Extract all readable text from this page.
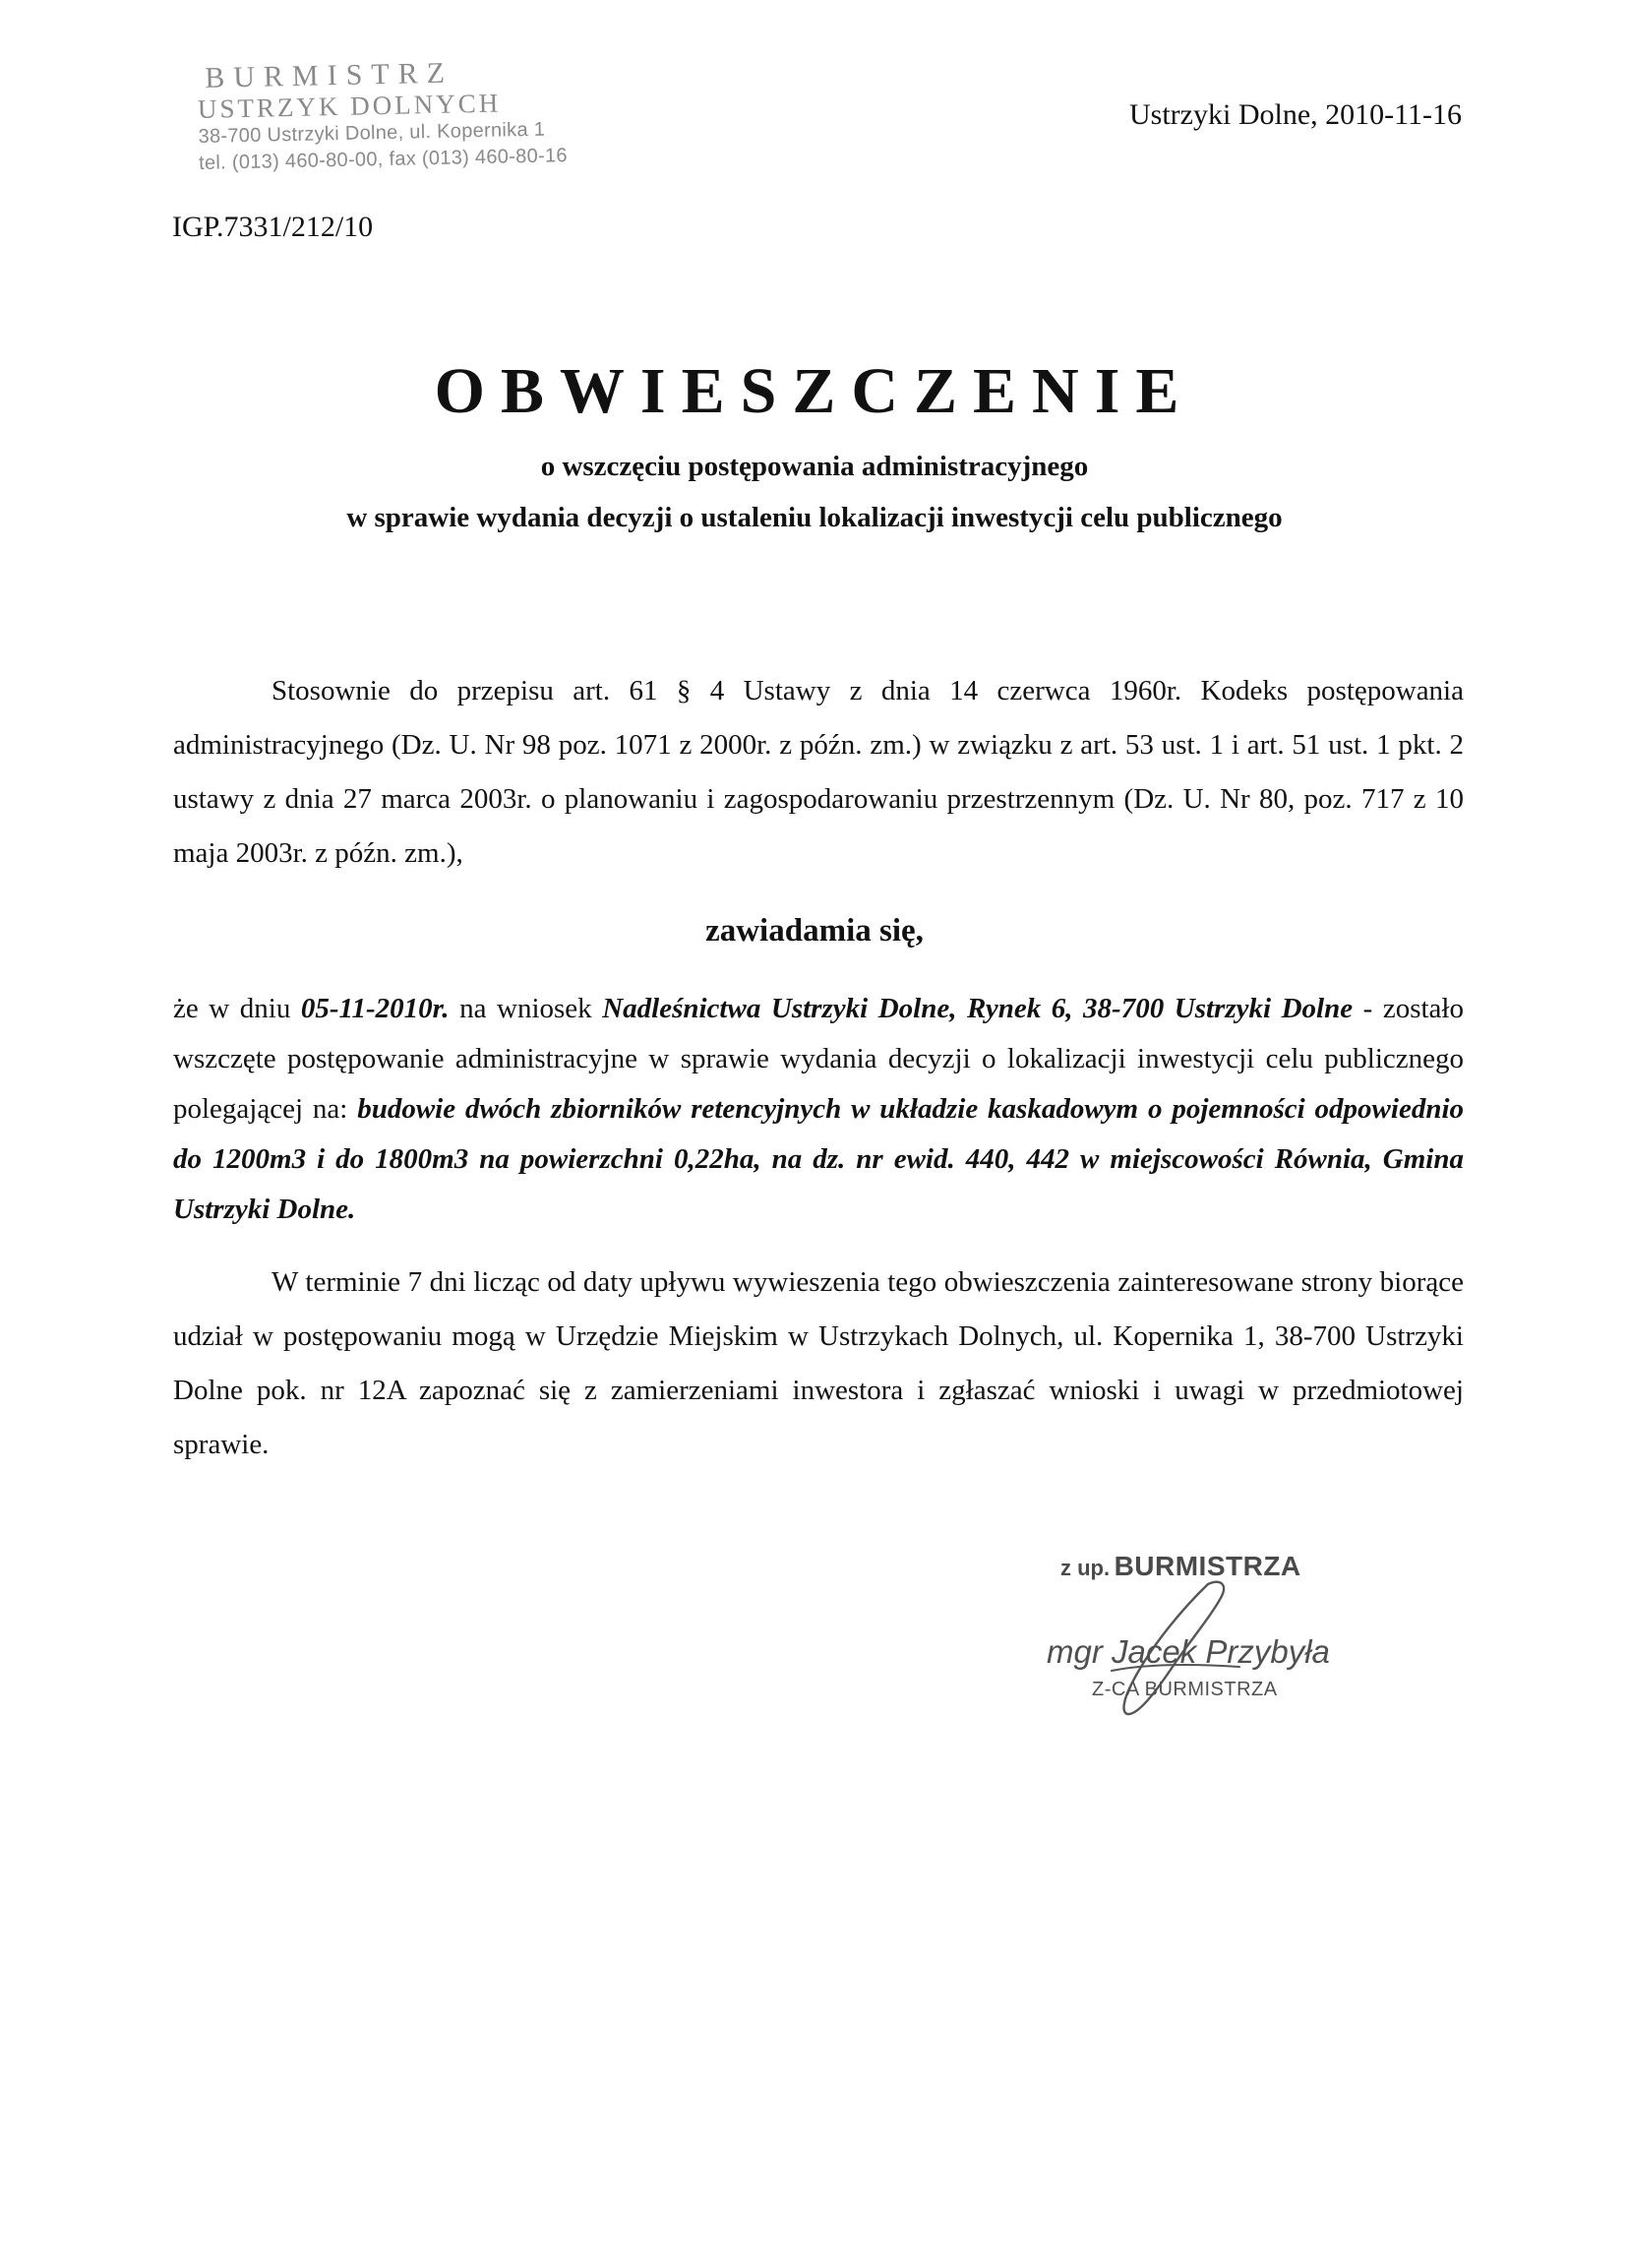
BURMISTRZ
USTRZYK DOLNYCH
38-700 Ustrzyki Dolne, ul. Kopernika 1
tel. (013) 460-80-00, fax (013) 460-80-16
Ustrzyki Dolne, 2010-11-16
IGP.7331/212/10
OBWIESZCZENIE
o wszczęciu postępowania administracyjnego
w sprawie wydania decyzji o ustaleniu lokalizacji inwestycji celu publicznego
Stosownie do przepisu art. 61 § 4 Ustawy z dnia 14 czerwca 1960r. Kodeks postępowania administracyjnego (Dz. U. Nr 98 poz. 1071 z 2000r. z późn. zm.) w związku z art. 53 ust. 1 i art. 51 ust. 1 pkt. 2 ustawy z dnia 27 marca 2003r. o planowaniu i zagospodarowaniu przestrzennym (Dz. U. Nr 80, poz. 717 z 10 maja 2003r. z późn. zm.),
zawiadamia się,
że w dniu 05-11-2010r. na wniosek Nadleśnictwa Ustrzyki Dolne, Rynek 6, 38-700 Ustrzyki Dolne - zostało wszczęte postępowanie administracyjne w sprawie wydania decyzji o lokalizacji inwestycji celu publicznego polegającej na: budowie dwóch zbiorników retencyjnych w układzie kaskadowym o pojemności odpowiednio do 1200m3 i do 1800m3 na powierzchni 0,22ha, na dz. nr ewid. 440, 442 w miejscowości Równia, Gmina Ustrzyki Dolne.
W terminie 7 dni licząc od daty upływu wywieszenia tego obwieszczenia zainteresowane strony biorące udział w postępowaniu mogą w Urzędzie Miejskim w Ustrzykach Dolnych, ul. Kopernika 1, 38-700 Ustrzyki Dolne pok. nr 12A zapoznać się z zamierzeniami inwestora i zgłaszać wnioski i uwagi w przedmiotowej sprawie.
z up. BURMISTRZA
mgr Jacek Przybyła
Z-CA BURMISTRZA
